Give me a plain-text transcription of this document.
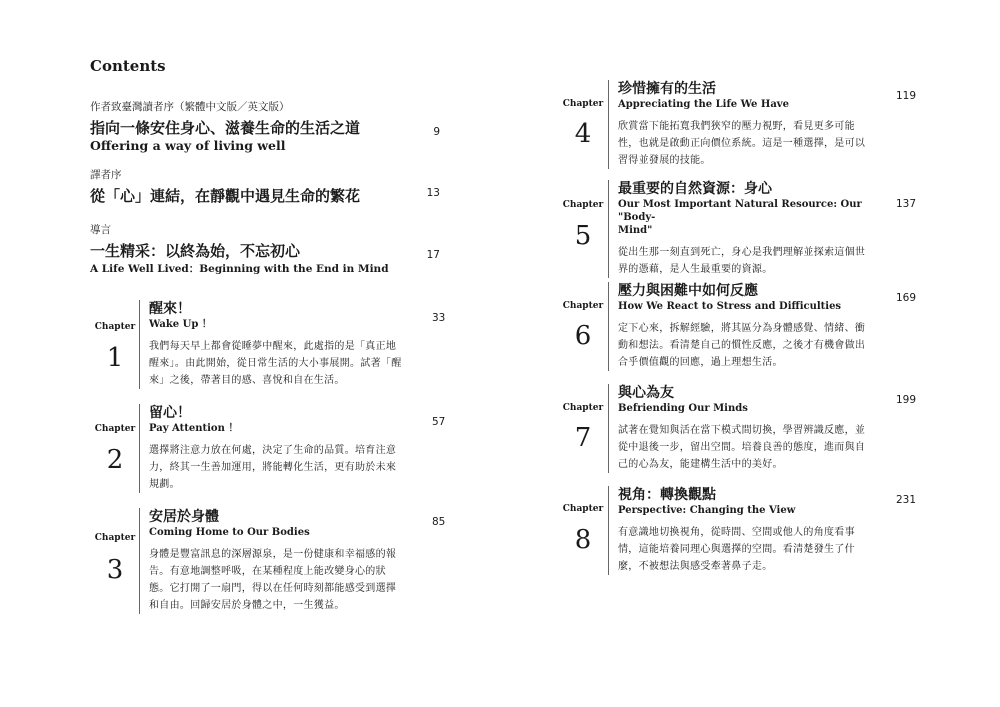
Contents
作者致臺灣讀者序（繁體中文版／英文版）
指向一條安住身心、滋養生命的生活之道
Offering a way of living well
9
譯者序
從「心」連結，在靜觀中遇見生命的繁花	13
導言
一生精采：以終為始，不忘初心
A Life Well Lived：Beginning with the End in Mind
17
Chapter
1
醒來！
Wake Up ！
我們每天早上都會從睡夢中醒來，此處指的是「真正地
醒來」。由此開始，從日常生活的大小事展開。試著「醒
來」之後，帶著目的感、喜悅和自在生活。
33
Chapter
2
留心！
Pay Attention ！
選擇將注意力放在何處，決定了生命的品質。培育注意
力，終其一生善加運用，將能轉化生活，更有助於未來
規劃。
57
Chapter
3
安居於身體
Coming Home to Our Bodies
身體是豐富訊息的深層源泉，是一份健康和幸福感的報
告。有意地調整呼吸，在某種程度上能改變身心的狀
態。它打開了一扇門，得以在任何時刻都能感受到選擇
和自由。回歸安居於身體之中，一生獲益。
85
Chapter
4
珍惜擁有的生活
Appreciating the Life We Have
欣賞當下能拓寬我們狹窄的壓力視野，看見更多可能
性，也就是啟動正向價位系統。這是一種選擇，是可以
習得並發展的技能。
119
Chapter
5
最重要的自然資源：身心
Our Most Important Natural Resource: Our "Body-
Mind"
從出生那一刻直到死亡，身心是我們理解並探索這個世
界的憑藉，是人生最重要的資源。
137
Chapter
6
壓力與困難中如何反應
How We React to Stress and Difficulties
定下心來，拆解經驗，將其區分為身體感覺、情緒、衝
動和想法。看清楚自己的慣性反應，之後才有機會做出
合乎價值觀的回應，過上理想生活。
169
Chapter
7
與心為友
Befriending Our Minds
試著在覺知與活在當下模式間切換，學習辨識反應，並
從中退後一步，留出空間。培養良善的態度，進而與自
己的心為友，能建構生活中的美好。
199
Chapter
8
視角：轉換觀點
Perspective: Changing the View
有意識地切換視角，從時間、空間或他人的角度看事
情，這能培養同理心與選擇的空間。看清楚發生了什
麼，不被想法與感受牽著鼻子走。
231
